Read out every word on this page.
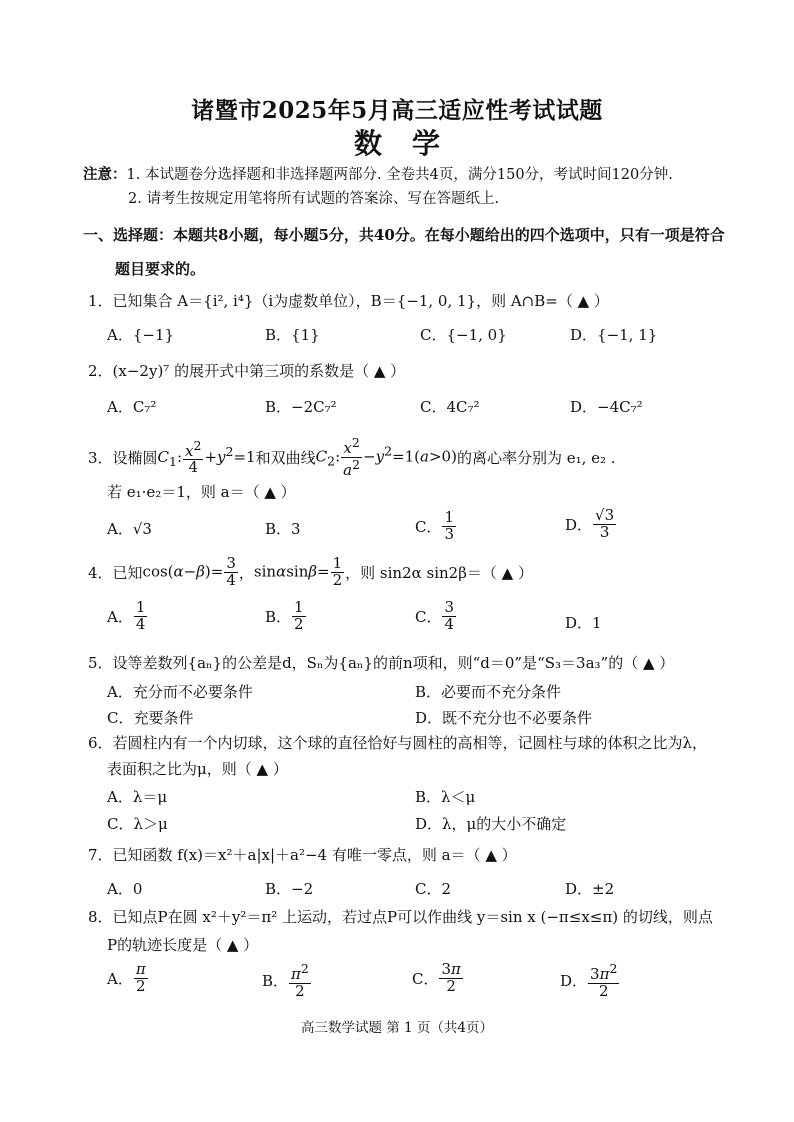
诸暨市2025年5月高三适应性考试试题
数学
注意：1. 本试题卷分选择题和非选择题两部分. 全卷共4页，满分150分，考试时间120分钟.
2. 请考生按规定用笔将所有试题的答案涂、写在答题纸上.
一、选择题：本题共8小题，每小题5分，共40分。在每小题给出的四个选项中，只有一项是符合
题目要求的。
1．已知集合 A＝{i², i⁴}（i为虚数单位），B＝{−1, 0, 1}，则 A∩B=（ ▲ ）
A．{−1}	B．{1}	C．{−1, 0}	D．{−1, 1}
2．(x−2y)⁷ 的展开式中第三项的系数是（ ▲ ）
A．C₇²	B．−2C₇²	C．4C₇²	D．−4C₇²
3．设椭圆 $C_1$: $\frac{x^2}{4} +y^2=1$ 和双曲线 $C_2$: $\frac{x^2}{a^2} -y^2=1(a>0)$ 的离心率分别为 e₁, e₂ .
若 e₁·e₂＝1，则 a＝（ ▲ ）
A．√3	B．3	C． $\frac{1}{3}$	D． $\frac{√3}{3}$
4．已知 $\cos(\alpha-\beta)= \frac{3}{4}$ ， $\sin\alpha\sin\beta= \frac{1}{2}$ ，则 sin2α sin2β＝（ ▲ ）
A． $\frac{1}{4}$	B． $\frac{1}{2}$	C． $\frac{3}{4}$	D．1
5．设等差数列{aₙ}的公差是d，Sₙ为{aₙ}的前n项和，则“d＝0”是“S₃＝3a₃”的（ ▲ ）
A．充分而不必要条件	B．必要而不充分条件
C．充要条件	D．既不充分也不必要条件
6．若圆柱内有一个内切球，这个球的直径恰好与圆柱的高相等，记圆柱与球的体积之比为λ，
表面积之比为μ，则（ ▲ ）
A．λ＝μ	B．λ＜μ
C．λ＞μ	D．λ，μ的大小不确定
7．已知函数 f(x)＝x²＋a|x|＋a²−4 有唯一零点，则 a＝（ ▲ ）
A．0	B．−2	C．2	D．±2
8．已知点P在圆 x²＋y²＝π² 上运动，若过点P可以作曲线 y＝sin x (−π≤x≤π) 的切线，则点
P的轨迹长度是（ ▲ ）
A． $\frac{\pi}{2}$	B． $\frac{\pi^2}{2}$	C． $\frac{3\pi}{2}$	D． $\frac{3\pi^2}{2}$
高三数学试题 第 1 页（共4页）
